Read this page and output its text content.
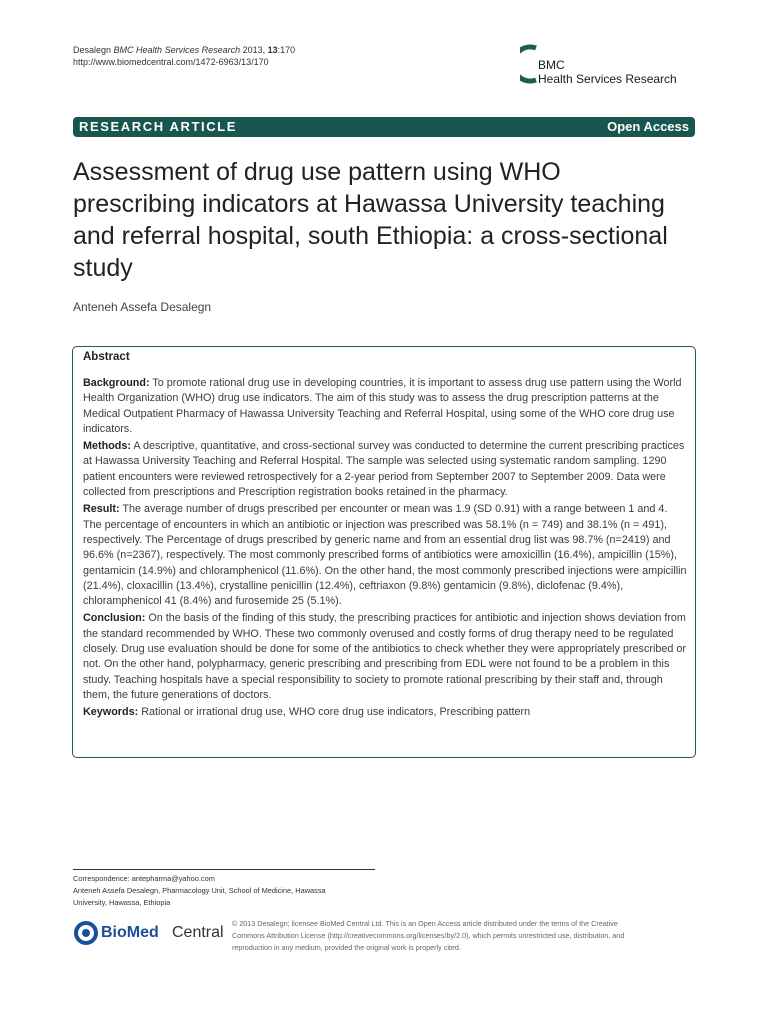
Desalegn BMC Health Services Research 2013, 13:170
http://www.biomedcentral.com/1472-6963/13/170	BMC
Health Services Research
RESEARCH ARTICLE	Open Access
Assessment of drug use pattern using WHO prescribing indicators at Hawassa University teaching and referral hospital, south Ethiopia: a cross-sectional study
Anteneh Assefa Desalegn
Abstract

Background: To promote rational drug use in developing countries, it is important to assess drug use pattern using the World Health Organization (WHO) drug use indicators. The aim of this study was to assess the drug prescription patterns at the Medical Outpatient Pharmacy of Hawassa University Teaching and Referral Hospital, using some of the WHO core drug use indicators.

Methods: A descriptive, quantitative, and cross-sectional survey was conducted to determine the current prescribing practices at Hawassa University Teaching and Referral Hospital. The sample was selected using systematic random sampling. 1290 patient encounters were reviewed retrospectively for a 2-year period from September 2007 to September 2009. Data were collected from prescriptions and Prescription registration books retained in the pharmacy.

Result: The average number of drugs prescribed per encounter or mean was 1.9 (SD 0.91) with a range between 1 and 4. The percentage of encounters in which an antibiotic or injection was prescribed was 58.1% (n = 749) and 38.1% (n = 491), respectively. The Percentage of drugs prescribed by generic name and from an essential drug list was 98.7% (n=2419) and 96.6% (n=2367), respectively. The most commonly prescribed forms of antibiotics were amoxicillin (16.4%), ampicillin (15%), gentamicin (14.9%) and chloramphenicol (11.6%). On the other hand, the most commonly prescribed injections were ampicillin (21.4%), cloxacillin (13.4%), crystalline penicillin (12.4%), ceftriaxon (9.8%) gentamicin (9.8%), diclofenac (9.4%), chloramphenicol 41 (8.4%) and furosemide 25 (5.1%).

Conclusion: On the basis of the finding of this study, the prescribing practices for antibiotic and injection shows deviation from the standard recommended by WHO. These two commonly overused and costly forms of drug therapy need to be regulated closely. Drug use evaluation should be done for some of the antibiotics to check whether they were appropriately prescribed or not. On the other hand, polypharmacy, generic prescribing and prescribing from EDL were not found to be a problem in this study. Teaching hospitals have a special responsibility to society to promote rational prescribing by their staff and, through them, the future generations of doctors.

Keywords: Rational or irrational drug use, WHO core drug use indicators, Prescribing pattern

Correspondence: antepharma@yahoo.com
Anteneh Assefa Desalegn, Pharmacology Unit, School of Medicine, Hawassa
University, Hawassa, Ethiopia
BioMed Central
© 2013 Desalegn; licensee BioMed Central Ltd. This is an Open Access article distributed under the terms of the Creative
Commons Attribution License (http://creativecommons.org/licenses/by/2.0), which permits unrestricted use, distribution, and
reproduction in any medium, provided the original work is properly cited.
